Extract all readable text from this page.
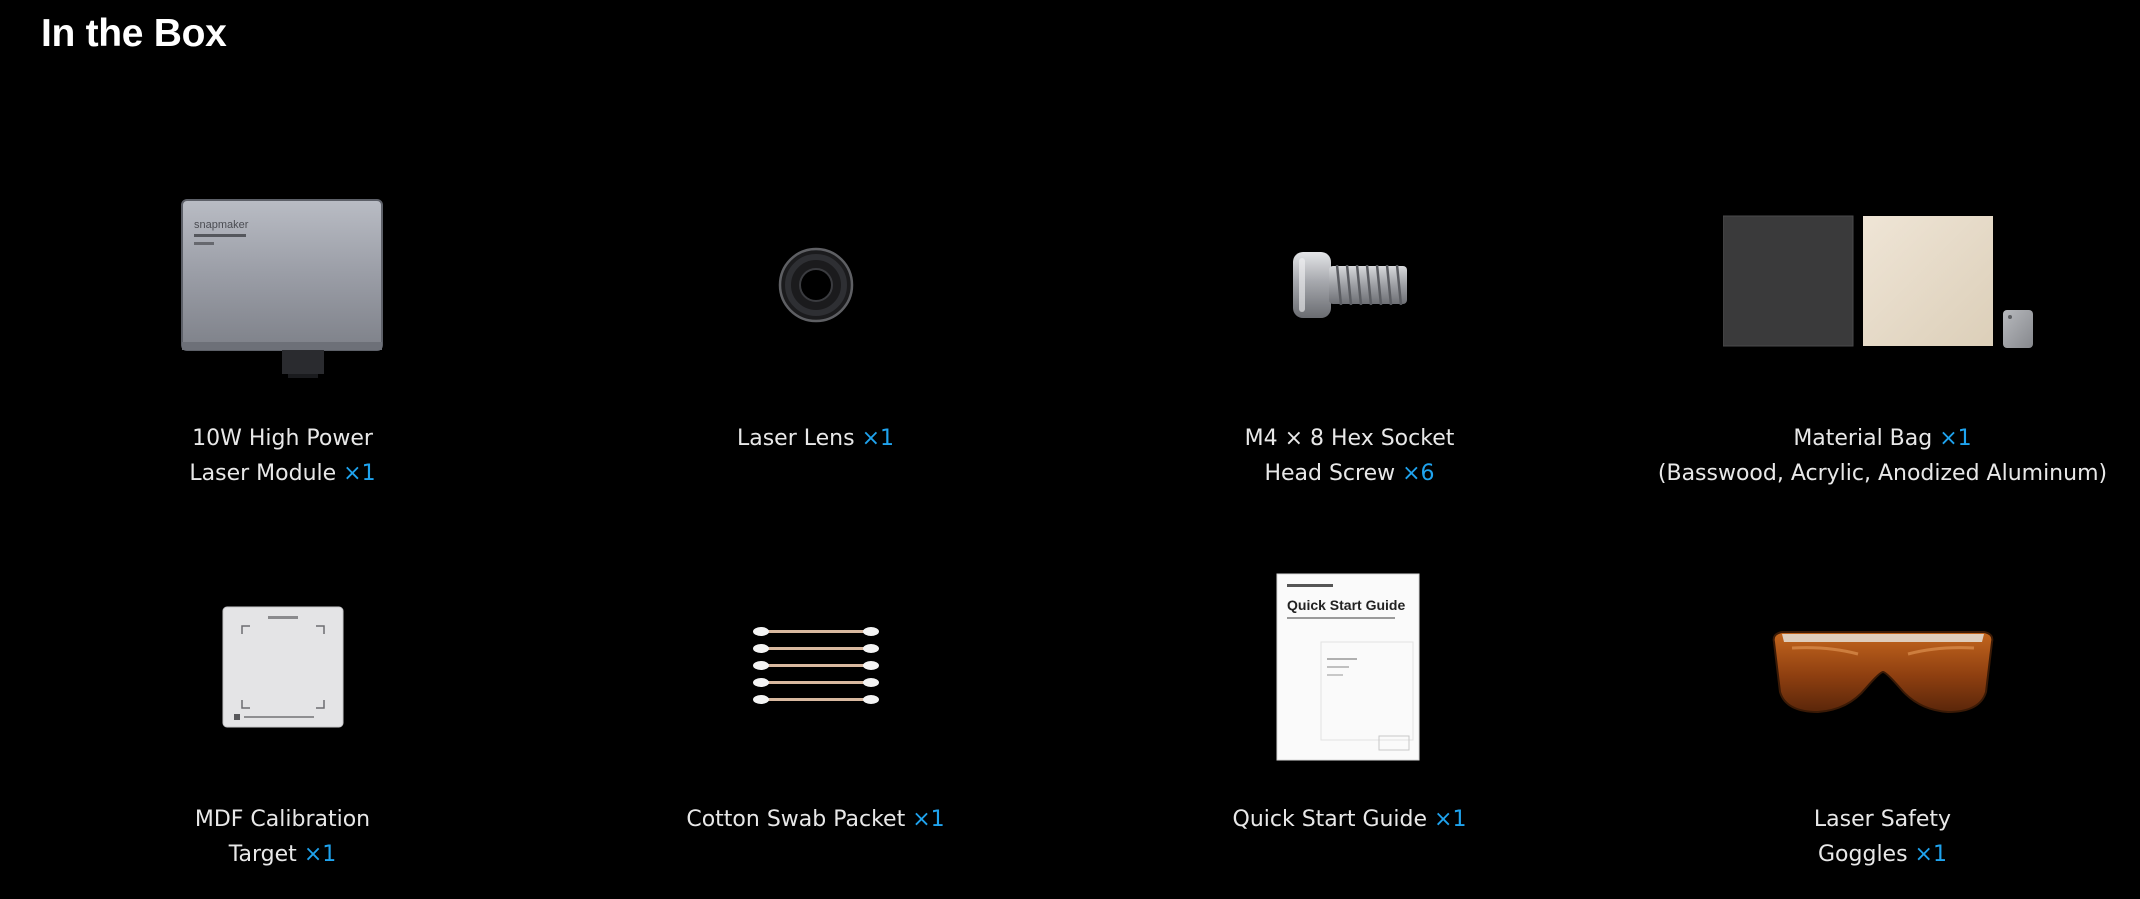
In the Box
snapmaker
10W High Power
Laser Module ×1
Laser Lens ×1	M4 × 8 Hex Socket
Head Screw ×6
Material Bag ×1
(Basswood, Acrylic, Anodized Aluminum)
MDF Calibration
Target ×1
Cotton Swab Packet ×1
Quick Start Guide
Quick Start Guide ×1	Laser Safety
Goggles ×1
